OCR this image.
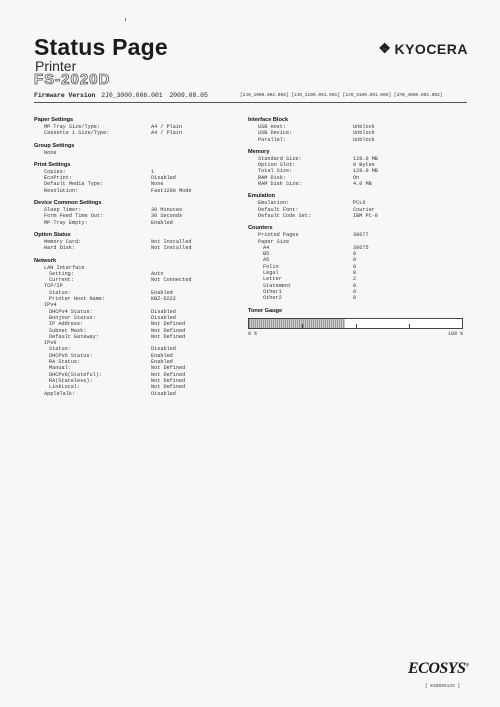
Status Page
Printer
FS-2020D
❖ KYOCERA
Firmware Version 2J0_3000.006.001 2009.08.05	[2J0_1000.002.008] [2J0_1100.001.001] [2J0_3100.001.005] [2FB_4000.001.002]
Paper Settings
MP Tray Size/Type:	A4 / Plain
Cassette 1 Size/Type:	A4 / Plain
Group Settings
None
Print Settings
Copies:	1
EcoPrint:	Disabled
Default Media Type:	None
Resolution:	Fast1200 Mode
Device Common Settings
Sleep Timer:	30 Minutes
Form Feed Time Out:	30 Seconds
MP Tray Empty:	Enabled
Option Status
Memory Card:	Not Installed
Hard Disk:	Not Installed
Network
LAN Interface
Setting:	Auto
Current:	Not Connected
TCP/IP
Status:	Enabled
Printer Host Name:	KBZ-D222
IPv4
DHCPv4 Status:	Disabled
Bonjour Status:	Disabled
IP Address:	Not Defined
Subnet Mask:	Not Defined
Default Gateway:	Not Defined
IPv6
Status:	Disabled
DHCPv6 Status:	Enabled
RA Status:	Enabled
Manual:	Not Defined
DHCPv6(Stateful):	Not Defined
RA(Stateless):	Not Defined
LinkLocal:	Not Defined
AppleTalk:	Disabled
Interface Block
USB Host:	Unblock
USB Device:	Unblock
Parallel:	Unblock
Memory
Standard Size:	128.0 MB
Option Slot:	0 Bytes
Total Size:	128.0 MB
RAM Disk:	On
RAM Disk Size:	4.0 MB
Emulation
Emulation:	PCL6
Default Font:	Courier
Default Code Set:	IBM PC-8
Counters
Printed Pages	38677
Paper Size
A4	38675
B5	0
A5	0
Folio	0
Legal	0
Letter	2
Statement	0
Other1	0
Other2	0
Toner Gauge
0 %	100 %
ECOSYS®
[ KX000513S ]
